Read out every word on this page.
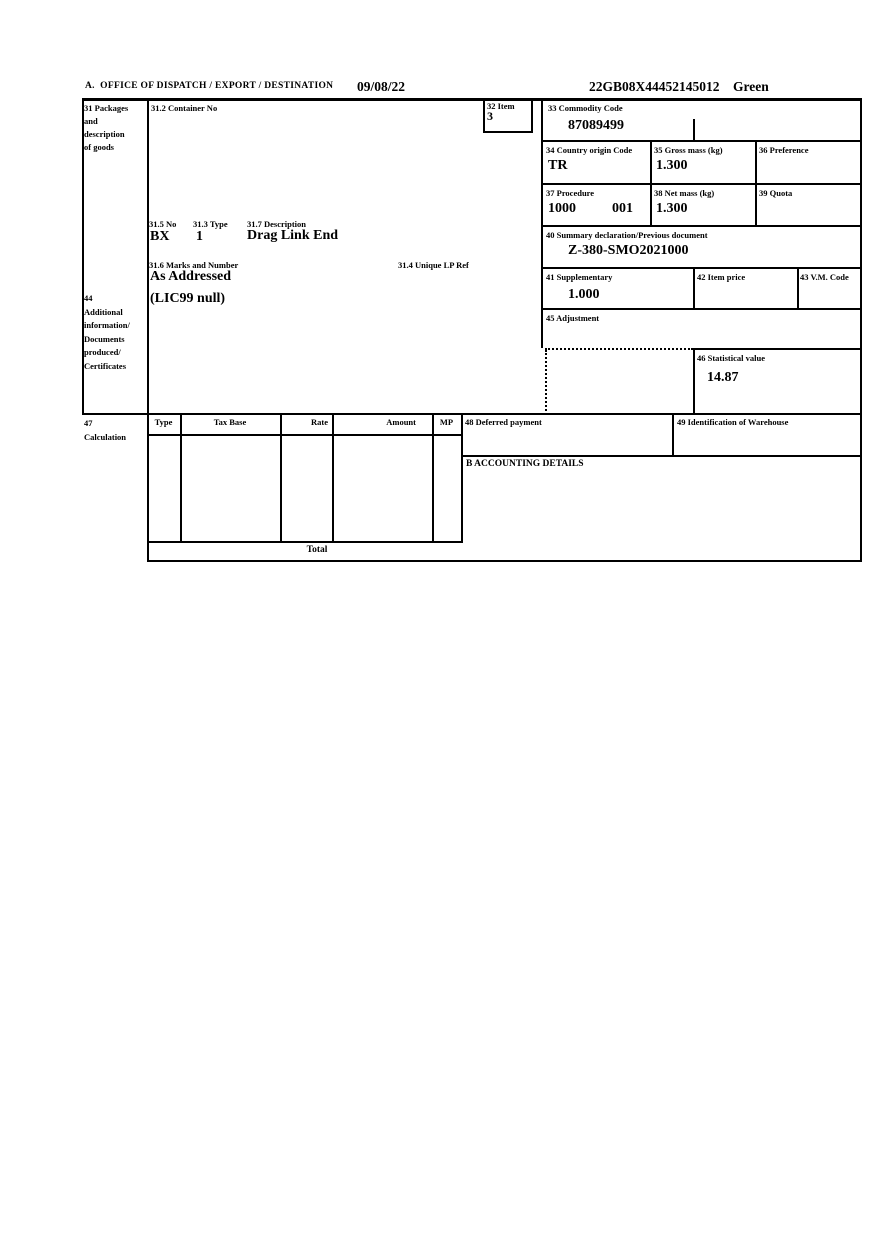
A.  OFFICE OF DISPATCH / EXPORT / DESTINATION 09/08/22	22GB08X44452145012 Green
31 Packages
and
description
of goods
31.2 Container No	32 Item
3
31.5 No 31.3 Type 31.7 Description
BX 1	Drag Link End
31.6 Marks and Number	31.4 Unique LP Ref
As Addressed
33 Commodity Code
87089499
34 Country origin Code
TR
35 Gross mass (kg)
1.300
36 Preference
37 Procedure
1000	001
38 Net mass (kg)
1.300
39 Quota
40 Summary declaration/Previous document
Z-380-SMO2021000
41 Supplementary
1.000
42 Item price	43 V.M. Code
45 Adjustment
46 Statistical value
14.87
44
Additional
information/
Documents
produced/
Certificates
(LIC99 null)
47
Calculation
Type	Tax Base	Rate	Amount	MP
Total
48 Deferred payment	49 Identification of Warehouse
B ACCOUNTING DETAILS
